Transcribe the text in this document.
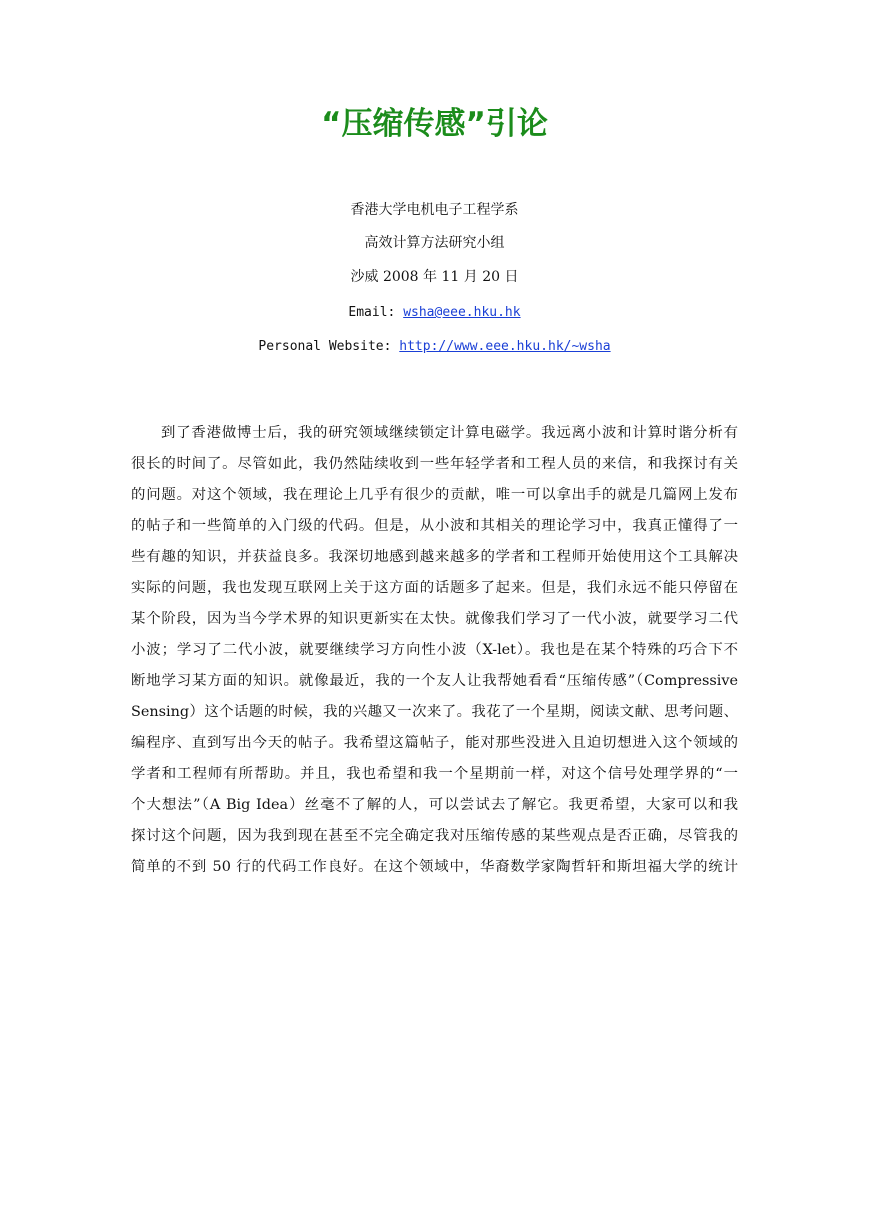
“压缩传感”引论

香港大学电机电子工程学系

高效计算方法研究小组

沙威 2008 年 11 月 20 日

Email: wsha@eee.hku.hk

Personal Website: http://www.eee.hku.hk/~wsha

到了香港做博士后，我的研究领域继续锁定计算电磁学。我远离小波和计算时谐分析有
很长的时间了。尽管如此，我仍然陆续收到一些年轻学者和工程人员的来信，和我探讨有关
的问题。对这个领域，我在理论上几乎有很少的贡献，唯一可以拿出手的就是几篇网上发布
的帖子和一些简单的入门级的代码。但是，从小波和其相关的理论学习中，我真正懂得了一
些有趣的知识，并获益良多。我深切地感到越来越多的学者和工程师开始使用这个工具解决
实际的问题，我也发现互联网上关于这方面的话题多了起来。但是，我们永远不能只停留在
某个阶段，因为当今学术界的知识更新实在太快。就像我们学习了一代小波，就要学习二代
小波；学习了二代小波，就要继续学习方向性小波（X-let）。我也是在某个特殊的巧合下不
断地学习某方面的知识。就像最近，我的一个友人让我帮她看看“压缩传感”（Compressive
Sensing）这个话题的时候，我的兴趣又一次来了。我花了一个星期，阅读文献、思考问题、
编程序、直到写出今天的帖子。我希望这篇帖子，能对那些没进入且迫切想进入这个领域的
学者和工程师有所帮助。并且，我也希望和我一个星期前一样，对这个信号处理学界的“一
个大想法”（A Big Idea）丝毫不了解的人，可以尝试去了解它。我更希望，大家可以和我
探讨这个问题，因为我到现在甚至不完全确定我对压缩传感的某些观点是否正确，尽管我的
简单的不到 50 行的代码工作良好。在这个领域中，华裔数学家陶哲轩和斯坦福大学的统计
